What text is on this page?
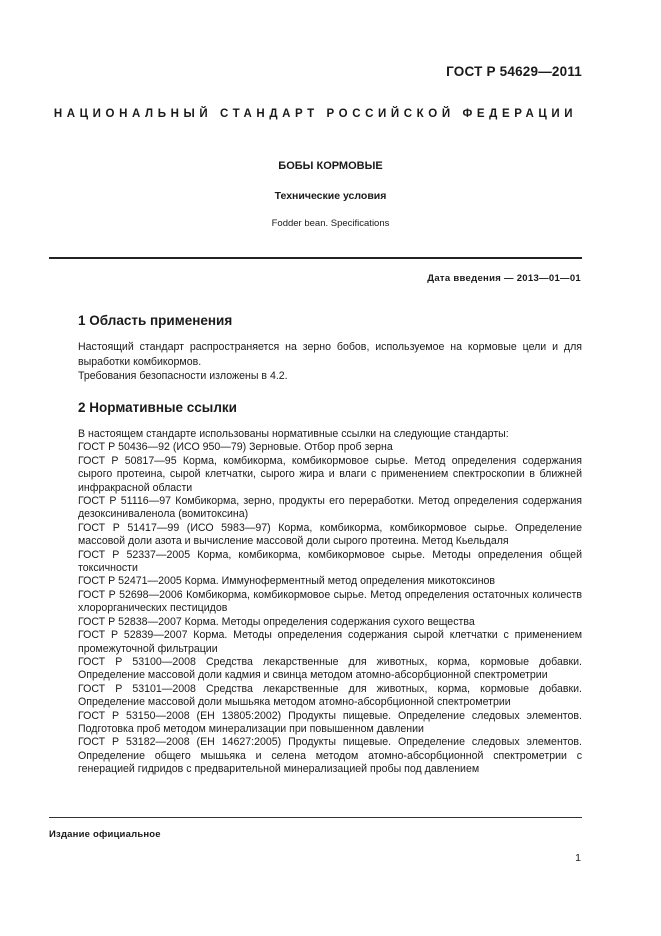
ГОСТ Р 54629—2011
НАЦИОНАЛЬНЫЙ СТАНДАРТ РОССИЙСКОЙ ФЕДЕРАЦИИ
БОБЫ КОРМОВЫЕ
Технические условия
Fodder bean. Specifications
Дата введения — 2013—01—01
1 Область применения

Настоящий стандарт распространяется на зерно бобов, используемое на кормовые цели и для выработки комбикормов.

Требования безопасности изложены в 4.2.

2 Нормативные ссылки

В настоящем стандарте использованы нормативные ссылки на следующие стандарты:

ГОСТ Р 50436—92 (ИСО 950—79) Зерновые. Отбор проб зерна

ГОСТ Р 50817—95 Корма, комбикорма, комбикормовое сырье. Метод определения содержания сырого протеина, сырой клетчатки, сырого жира и влаги с применением спектроскопии в ближней инфракрасной области

ГОСТ Р 51116—97 Комбикорма, зерно, продукты его переработки. Метод определения содержания дезоксиниваленола (вомитоксина)

ГОСТ Р 51417—99 (ИСО 5983—97) Корма, комбикорма, комбикормовое сырье. Определение массовой доли азота и вычисление массовой доли сырого протеина. Метод Кьельдаля

ГОСТ Р 52337—2005 Корма, комбикорма, комбикормовое сырье. Методы определения общей токсичности

ГОСТ Р 52471—2005 Корма. Иммуноферментный метод определения микотоксинов

ГОСТ Р 52698—2006 Комбикорма, комбикормовое сырье. Метод определения остаточных количеств хлорорганических пестицидов

ГОСТ Р 52838—2007 Корма. Методы определения содержания сухого вещества

ГОСТ Р 52839—2007 Корма. Методы определения содержания сырой клетчатки с применением промежуточной фильтрации

ГОСТ Р 53100—2008 Средства лекарственные для животных, корма, кормовые добавки. Определение массовой доли кадмия и свинца методом атомно-абсорбционной спектрометрии

ГОСТ Р 53101—2008 Средства лекарственные для животных, корма, кормовые добавки. Определение массовой доли мышьяка методом атомно-абсорбционной спектрометрии

ГОСТ Р 53150—2008 (ЕН 13805:2002) Продукты пищевые. Определение следовых элементов. Подготовка проб методом минерализации при повышенном давлении

ГОСТ Р 53182—2008 (ЕН 14627:2005) Продукты пищевые. Определение следовых элементов. Определение общего мышьяка и селена методом атомно-абсорбционной спектрометрии с генерацией гидридов с предварительной минерализацией пробы под давлением

Издание официальное
1
